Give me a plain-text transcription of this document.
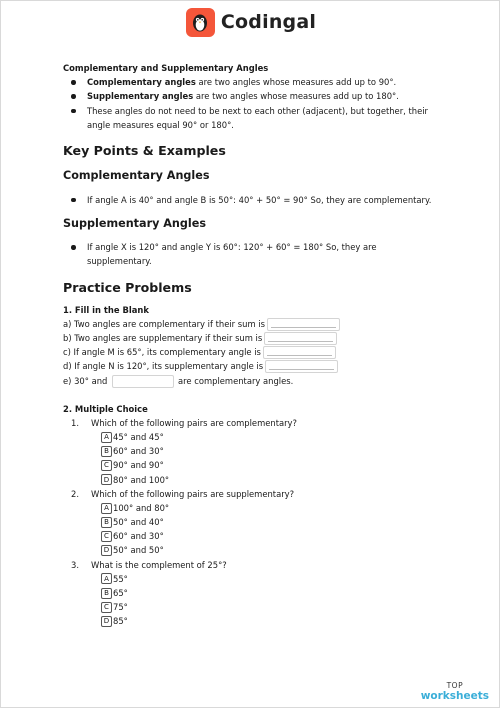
Codingal
Complementary and Supplementary Angles
Complementary angles are two angles whose measures add up to 90°.
Supplementary angles are two angles whose measures add up to 180°.
These angles do not need to be next to each other (adjacent), but together, their
angle measures equal 90° or 180°.
Key Points & Examples
Complementary Angles
If angle A is 40° and angle B is 50°: 40° + 50° = 90° So, they are complementary.
Supplementary Angles
If angle X is 120° and angle Y is 60°: 120° + 60° = 180° So, they are
supplementary.
Practice Problems
1. Fill in the Blank
a) Two angles are complementary if their sum is
b) Two angles are supplementary if their sum is
c) If angle M is 65°, its complementary angle is
d) If angle N is 120°, its supplementary angle is
e) 30° and	are complementary angles.
2. Multiple Choice
1. Which of the following pairs are complementary?
A 45° and 45°
B 60° and 30°
C 90° and 90°
D 80° and 100°
2. Which of the following pairs are supplementary?
A 100° and 80°
B 50° and 40°
C 60° and 30°
D 50° and 50°
3. What is the complement of 25°?
A 55°
B 65°
C 75°
D 85°
TOP
worksheets
